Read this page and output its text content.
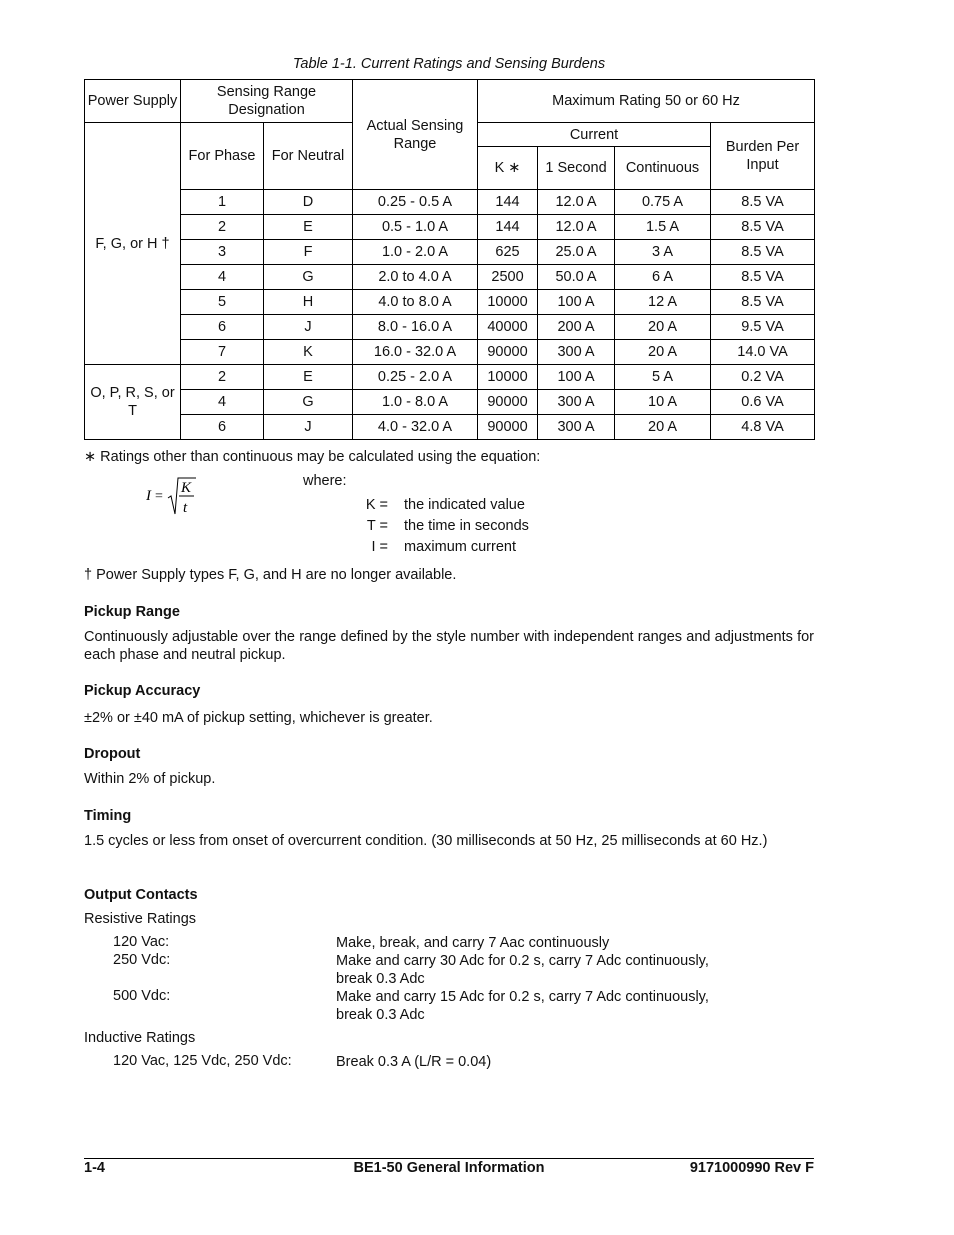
Table 1-1. Current Ratings and Sensing Burdens
Power Supply	Sensing Range Designation		Actual Sensing Range	Maximum Rating 50 or 60 Hz			
F, G, or H †	For Phase	For Neutral		Current			Burden Per Input
				K ∗	1 Second	Continuous	
	1	D	0.25 - 0.5 A	144	12.0 A	0.75 A	8.5 VA
	2	E	0.5 - 1.0 A	144	12.0 A	1.5 A	8.5 VA
	3	F	1.0 - 2.0 A	625	25.0 A	3 A	8.5 VA
	4	G	2.0 to 4.0 A	2500	50.0 A	6 A	8.5 VA
	5	H	4.0 to 8.0 A	10000	100 A	12 A	8.5 VA
	6	J	8.0 - 16.0 A	40000	200 A	20 A	9.5 VA
	7	K	16.0 - 32.0 A	90000	300 A	20 A	14.0 VA
O, P, R, S, or T	2	E	0.25 - 2.0 A	10000	100 A	5 A	0.2 VA
	4	G	1.0 - 8.0 A	90000	300 A	10 A	0.6 VA
	6	J	4.0 - 32.0 A	90000	300 A	20 A	4.8 VA
∗ Ratings other than continuous may be calculated using the equation:
I =
K
t
where:
K = the indicated value
T = the time in seconds
I = maximum current
† Power Supply types F, G, and H are no longer available.
Pickup Range
Continuously adjustable over the range defined by the style number with independent ranges and adjustments for each phase and neutral pickup.
Pickup Accuracy
±2% or ±40 mA of pickup setting, whichever is greater.
Dropout
Within 2% of pickup.
Timing
1.5 cycles or less from onset of overcurrent condition. (30 milliseconds at 50 Hz, 25 milliseconds at 60 Hz.)
Output Contacts
Resistive Ratings
120 Vac:	Make, break, and carry 7 Aac continuously
250 Vdc:	Make and carry 30 Adc for 0.2 s, carry 7 Adc continuously, break 0.3 Adc
500 Vdc:	Make and carry 15 Adc for 0.2 s, carry 7 Adc continuously, break 0.3 Adc
Inductive Ratings
120 Vac, 125 Vdc, 250 Vdc:	Break 0.3 A (L/R = 0.04)
1-4	BE1-50 General Information	9171000990 Rev F
